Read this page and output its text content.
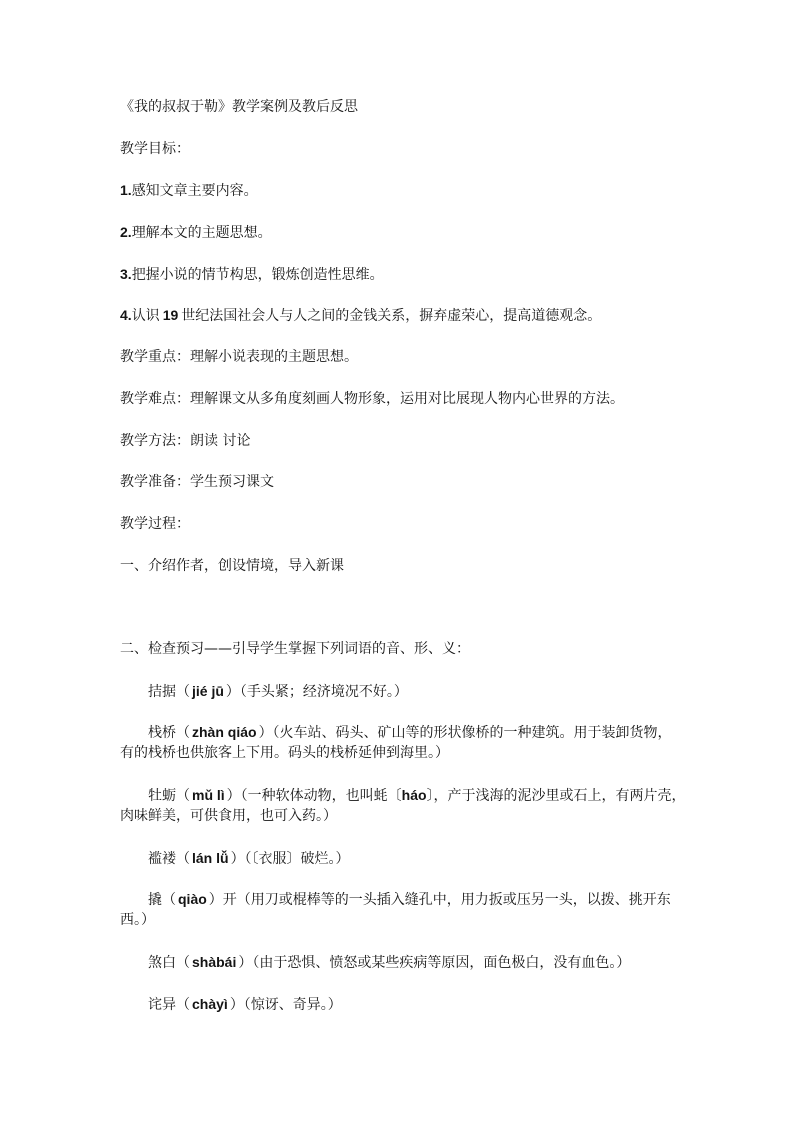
《我的叔叔于勒》教学案例及教后反思
教学目标：
1.感知文章主要内容。
2.理解本文的主题思想。
3.把握小说的情节构思，锻炼创造性思维。
4.认识 19 世纪法国社会人与人之间的金钱关系，摒弃虚荣心，提高道德观念。
教学重点：理解小说表现的主题思想。
教学难点：理解课文从多角度刻画人物形象，运用对比展现人物内心世界的方法。
教学方法：朗读 讨论
教学准备：学生预习课文
教学过程：
一、介绍作者，创设情境，导入新课
二、检查预习——引导学生掌握下列词语的音、形、义：
拮据（ jié jū ）（手头紧；经济境况不好。）
栈桥（ zhàn qiáo ）（火车站、码头、矿山等的形状像桥的一种建筑。用于装卸货物，
有的栈桥也供旅客上下用。码头的栈桥延伸到海里。）
牡蛎（ mǔ lì ）（一种软体动物，也叫蚝〔háo〕，产于浅海的泥沙里或石上，有两片壳，
肉味鲜美，可供食用，也可入药。）
褴褛（ lán lǚ ）（〔衣服〕破烂。）
撬（ qiào ）开（用刀或棍棒等的一头插入缝孔中，用力扳或压另一头，以拨、挑开东
西。）
煞白（ shàbái ）（由于恐惧、愤怒或某些疾病等原因，面色极白，没有血色。）
诧异（ chàyì ）（惊讶、奇异。）
